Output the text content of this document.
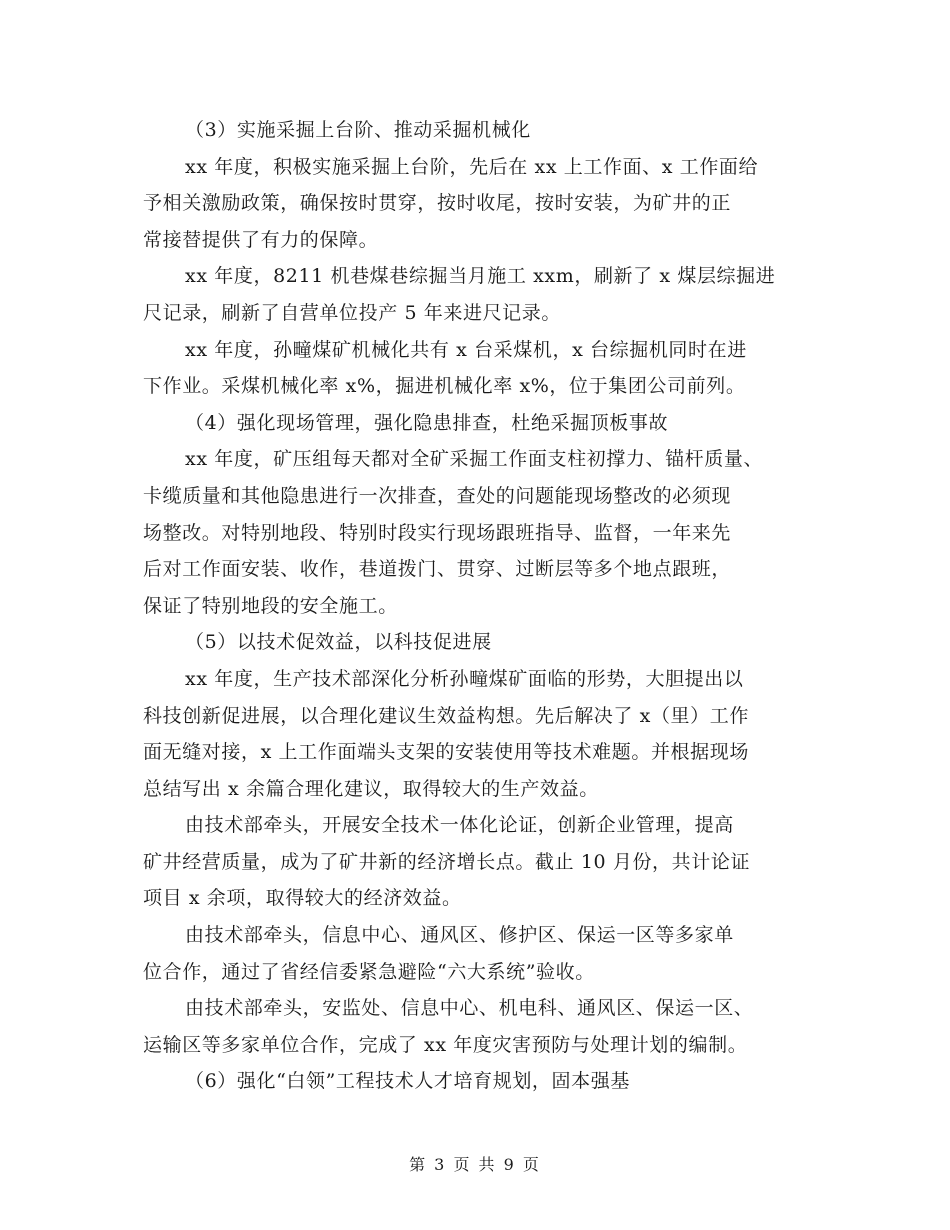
（3）实施采掘上台阶、推动采掘机械化
xx 年度，积极实施采掘上台阶，先后在 xx 上工作面、x 工作面给
予相关激励政策，确保按时贯穿，按时收尾，按时安装，为矿井的正
常接替提供了有力的保障。
xx 年度，8211 机巷煤巷综掘当月施工 xxm，刷新了 x 煤层综掘进
尺记录，刷新了自营单位投产 5 年来进尺记录。
xx 年度，孙疃煤矿机械化共有 x 台采煤机，x 台综掘机同时在进
下作业。采煤机械化率 x%，掘进机械化率 x%，位于集团公司前列。
（4）强化现场管理，强化隐患排查，杜绝采掘顶板事故
xx 年度，矿压组每天都对全矿采掘工作面支柱初撑力、锚杆质量、
卡缆质量和其他隐患进行一次排查，查处的问题能现场整改的必须现
场整改。对特别地段、特别时段实行现场跟班指导、监督，一年来先
后对工作面安装、收作，巷道拨门、贯穿、过断层等多个地点跟班，
保证了特别地段的安全施工。
（5）以技术促效益，以科技促进展
xx 年度，生产技术部深化分析孙疃煤矿面临的形势，大胆提出以
科技创新促进展，以合理化建议生效益构想。先后解决了 x（里）工作
面无缝对接，x 上工作面端头支架的安装使用等技术难题。并根据现场
总结写出 x 余篇合理化建议，取得较大的生产效益。
由技术部牵头，开展安全技术一体化论证，创新企业管理，提高
矿井经营质量，成为了矿井新的经济增长点。截止 10 月份，共计论证
项目 x 余项，取得较大的经济效益。
由技术部牵头，信息中心、通风区、修护区、保运一区等多家单
位合作，通过了省经信委紧急避险“六大系统”验收。
由技术部牵头，安监处、信息中心、机电科、通风区、保运一区、
运输区等多家单位合作，完成了 xx 年度灾害预防与处理计划的编制。
（6）强化“白领”工程技术人才培育规划，固本强基
第 3 页 共 9 页
